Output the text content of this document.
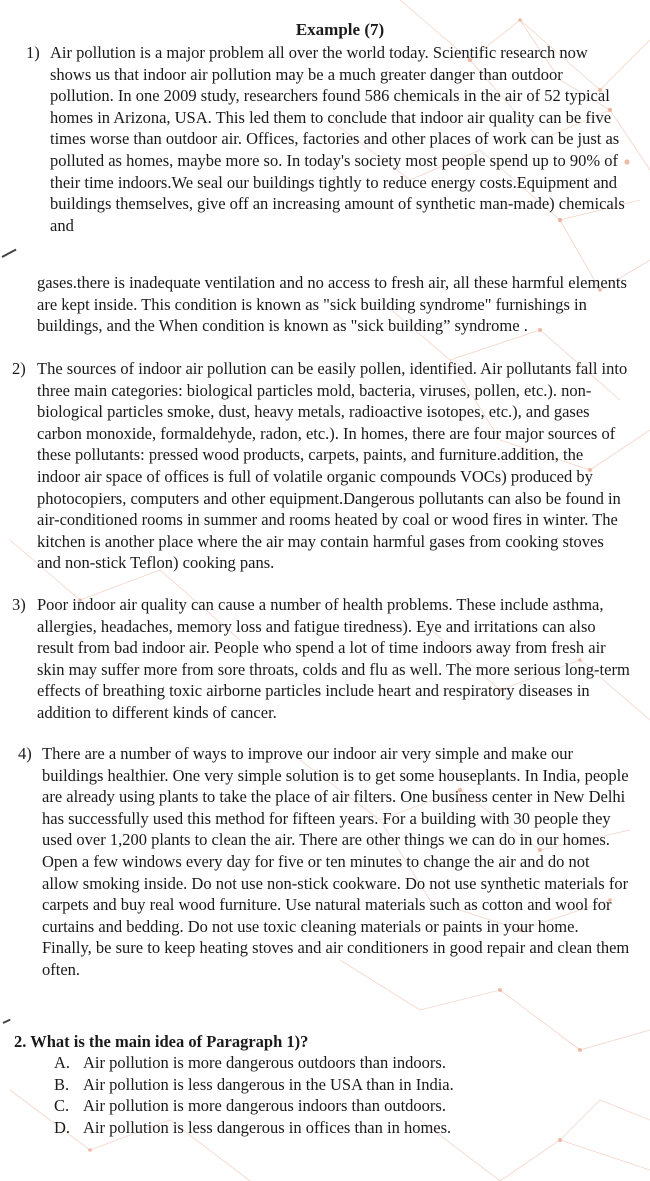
Example (7)
1) Air pollution is a major problem all over the world today. Scientific research now shows us that indoor air pollution may be a much greater danger than outdoor pollution. In one 2009 study, researchers found 586 chemicals in the air of 52 typical homes in Arizona, USA. This led them to conclude that indoor air quality can be five times worse than outdoor air. Offices, factories and other places of work can be just as polluted as homes, maybe more so. In today's society most people spend up to 90% of their time indoors.We seal our buildings tightly to reduce energy costs.Equipment and buildings themselves, give off an increasing amount of synthetic man-made) chemicals and
gases.there is inadequate ventilation and no access to fresh air, all these harmful elements are kept inside. This condition is known as "sick building syndrome" furnishings in buildings, and the When condition is known as "sick building” syndrome .
2) The sources of indoor air pollution can be easily pollen, identified. Air pollutants fall into three main categories: biological particles mold, bacteria, viruses, pollen, etc.). non-biological particles smoke, dust, heavy metals, radioactive isotopes, etc.), and gases carbon monoxide, formaldehyde, radon, etc.). In homes, there are four major sources of these pollutants: pressed wood products, carpets, paints, and furniture.addition, the indoor air space of offices is full of volatile organic compounds VOCs) produced by photocopiers, computers and other equipment.Dangerous pollutants can also be found in air-conditioned rooms in summer and rooms heated by coal or wood fires in winter. The kitchen is another place where the air may contain harmful gases from cooking stoves and non-stick Teflon) cooking pans.
3) Poor indoor air quality can cause a number of health problems. These include asthma, allergies, headaches, memory loss and fatigue tiredness). Eye and irritations can also result from bad indoor air. People who spend a lot of time indoors away from fresh air skin may suffer more from sore throats, colds and flu as well. The more serious long-term effects of breathing toxic airborne particles include heart and respiratory diseases in addition to different kinds of cancer.
4) There are a number of ways to improve our indoor air very simple and make our buildings healthier. One very simple solution is to get some houseplants. In India, people are already using plants to take the place of air filters. One business center in New Delhi has successfully used this method for fifteen years. For a building with 30 people they used over 1,200 plants to clean the air. There are other things we can do in our homes. Open a few windows every day for five or ten minutes to change the air and do not allow smoking inside. Do not use non-stick cookware. Do not use synthetic materials for carpets and buy real wood furniture. Use natural materials such as cotton and wool for curtains and bedding. Do not use toxic cleaning materials or paints in your home. Finally, be sure to keep heating stoves and air conditioners in good repair and clean them often.
2. What is the main idea of Paragraph 1)?
A. Air pollution is more dangerous outdoors than indoors.
B. Air pollution is less dangerous in the USA than in India.
C. Air pollution is more dangerous indoors than outdoors.
D. Air pollution is less dangerous in offices than in homes.
